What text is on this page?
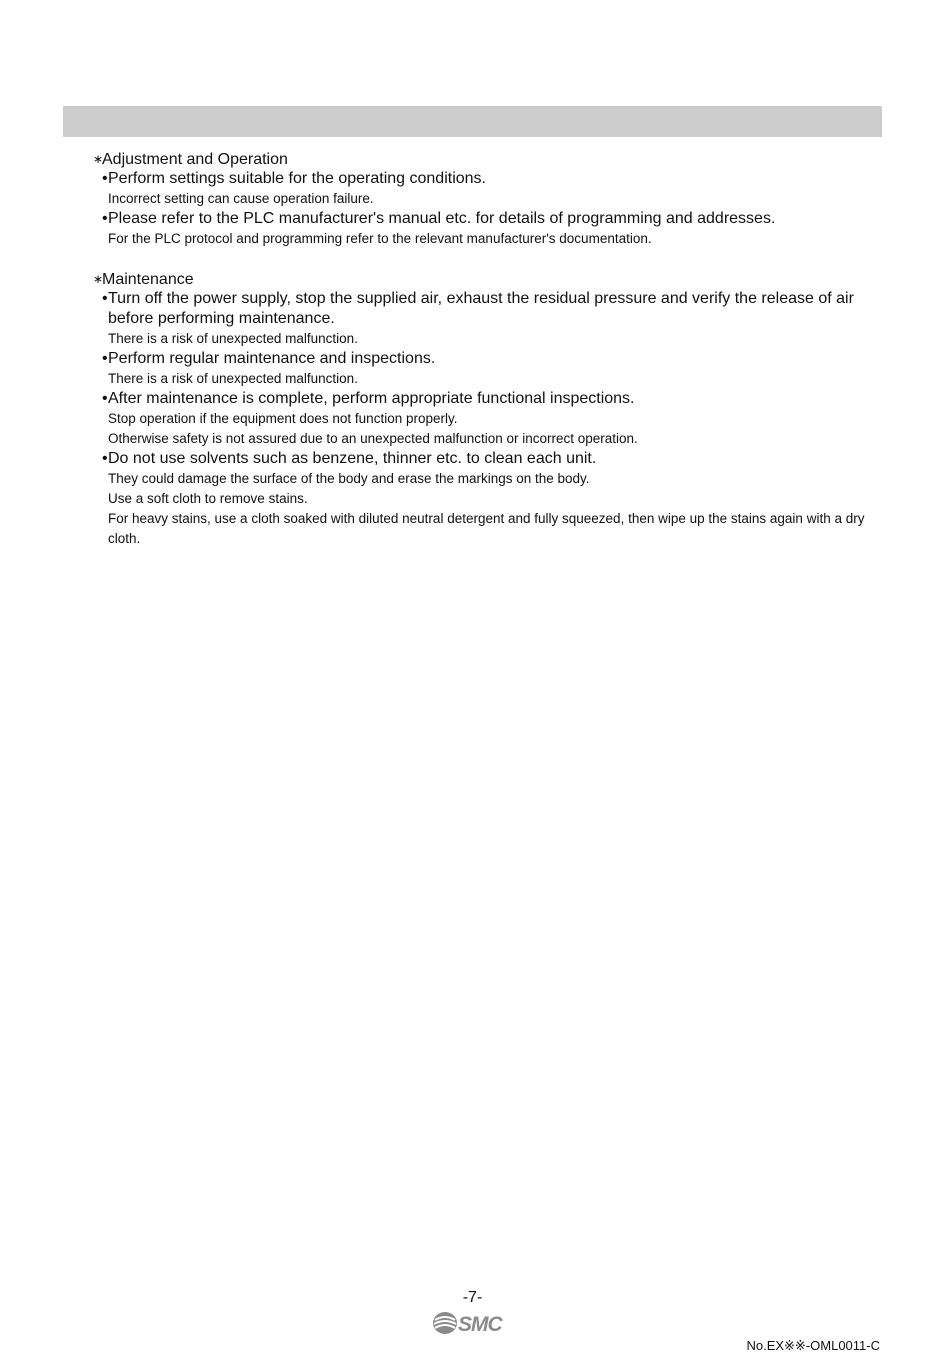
∗Adjustment and Operation
•Perform settings suitable for the operating conditions.
Incorrect setting can cause operation failure.
•Please refer to the PLC manufacturer's manual etc. for details of programming and addresses.
For the PLC protocol and programming refer to the relevant manufacturer's documentation.
∗Maintenance
•Turn off the power supply, stop the supplied air, exhaust the residual pressure and verify the release of air before performing maintenance.
There is a risk of unexpected malfunction.
•Perform regular maintenance and inspections.
There is a risk of unexpected malfunction.
•After maintenance is complete, perform appropriate functional inspections.
Stop operation if the equipment does not function properly.
Otherwise safety is not assured due to an unexpected malfunction or incorrect operation.
•Do not use solvents such as benzene, thinner etc. to clean each unit.
They could damage the surface of the body and erase the markings on the body.
Use a soft cloth to remove stains.
For heavy stains, use a cloth soaked with diluted neutral detergent and fully squeezed, then wipe up the stains again with a dry cloth.
-7-
SMC
No.EX※※-OML0011-C
